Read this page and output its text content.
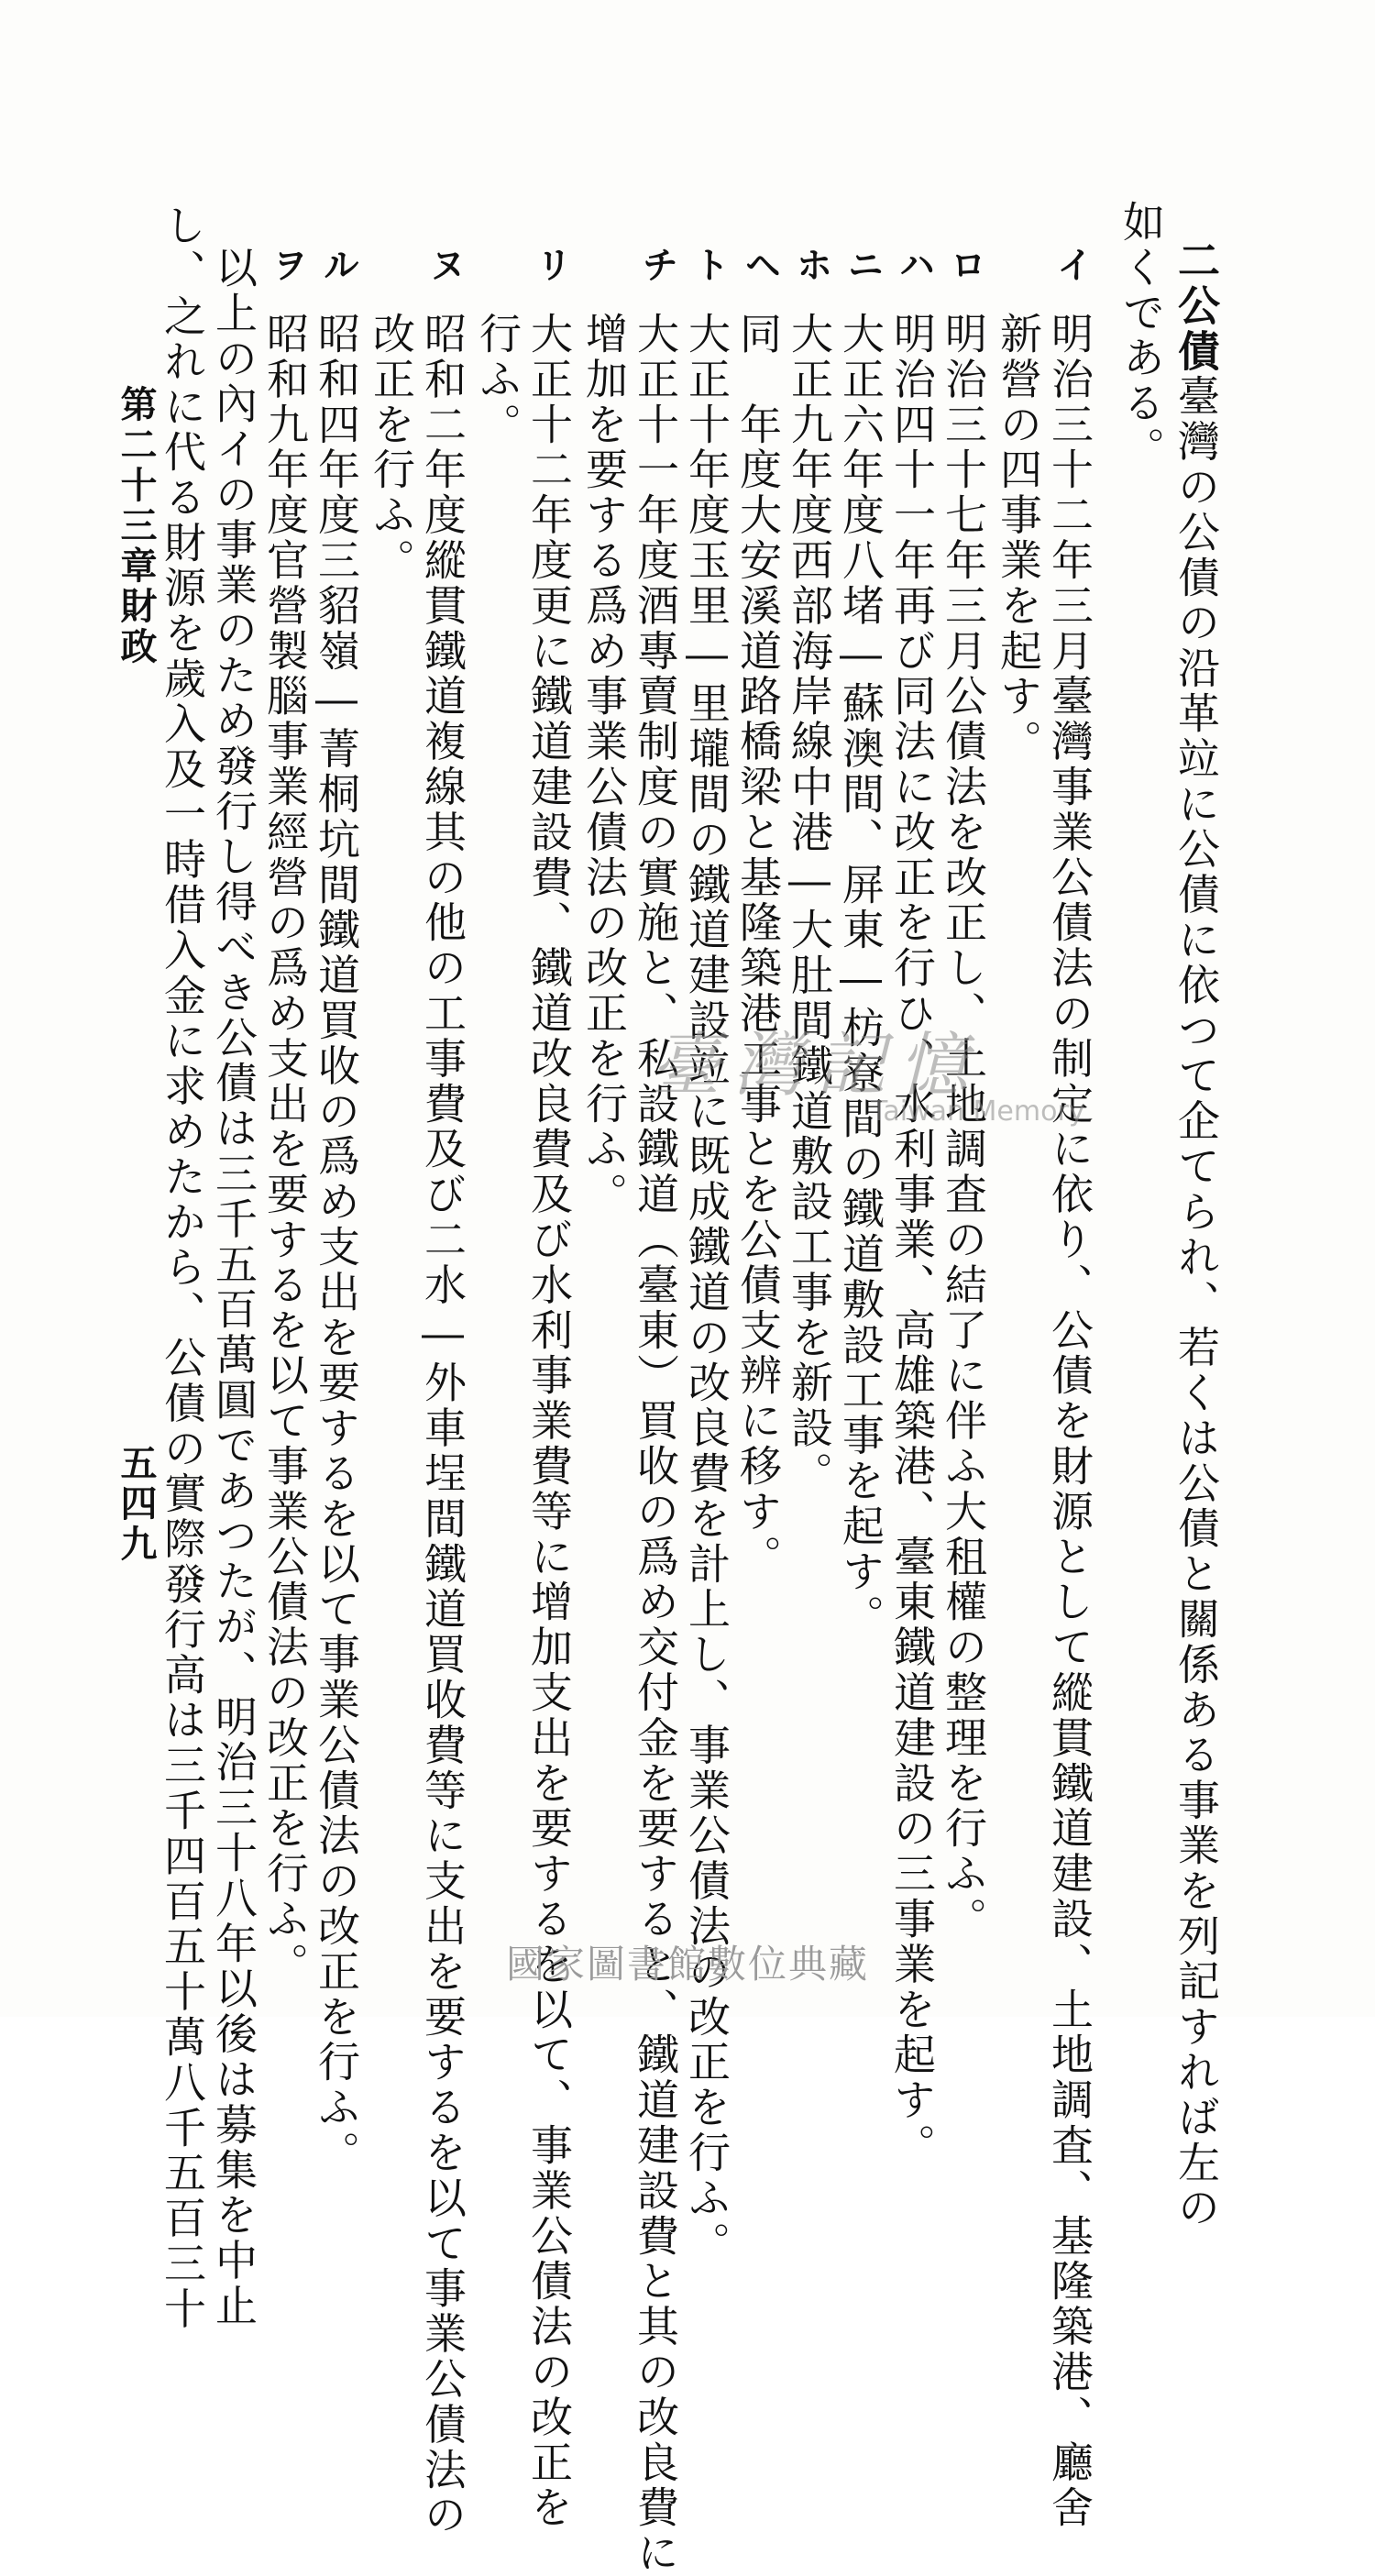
二公債臺灣の公債の沿革竝に公債に依つて企てられ、若くは公債と關係ある事業を列記すれば左の
如くである。
イ
明治三十二年三月臺灣事業公債法の制定に依り、公債を財源として縱貫鐵道建設、土地調査、基隆築港、廳舍
新營の四事業を起す。
ロ
明治三十七年三月公債法を改正し、土地調査の結了に伴ふ大租權の整理を行ふ。
ハ
明治四十一年再び同法に改正を行ひ、水利事業、高雄築港、臺東鐵道建設の三事業を起す。
ニ
大正六年度八堵―蘇澳間、屏東―枋寮間の鐵道敷設工事を起す。
ホ
大正九年度西部海岸線中港―大肚間鐵道敷設工事を新設。
ヘ
同　年度大安溪道路橋梁と基隆築港工事とを公債支辨に移す。
ト
大正十年度玉里―里壠間の鐵道建設竝に既成鐵道の改良費を計上し、事業公債法の改正を行ふ。
チ
大正十一年度酒專賣制度の實施と、私設鐵道（臺東）買收の爲め交付金を要すると、鐵道建設費と其の改良費に
增加を要する爲め事業公債法の改正を行ふ。
リ
大正十二年度更に鐵道建設費、鐵道改良費及び水利事業費等に增加支出を要するを以て、事業公債法の改正を
行ふ。
ヌ
昭和二年度縱貫鐵道複線其の他の工事費及び二水―外車埕間鐵道買收費等に支出を要するを以て事業公債法の
改正を行ふ。
ル
昭和四年度三貂嶺―菁桐坑間鐵道買收の爲め支出を要するを以て事業公債法の改正を行ふ。
ヲ
昭和九年度官營製腦事業經營の爲め支出を要するを以て事業公債法の改正を行ふ。
以上の內イの事業のため發行し得べき公債は三千五百萬圓であつたが、明治三十八年以後は募集を中止
第二十三章財政
五四九 し、之れに代る財源を歲入及一時借入金に求めたから、公債の實際發行高は三千四百五十萬八千五百三十	臺灣記憶
Taiwan Memory
國家圖書館數位典藏
